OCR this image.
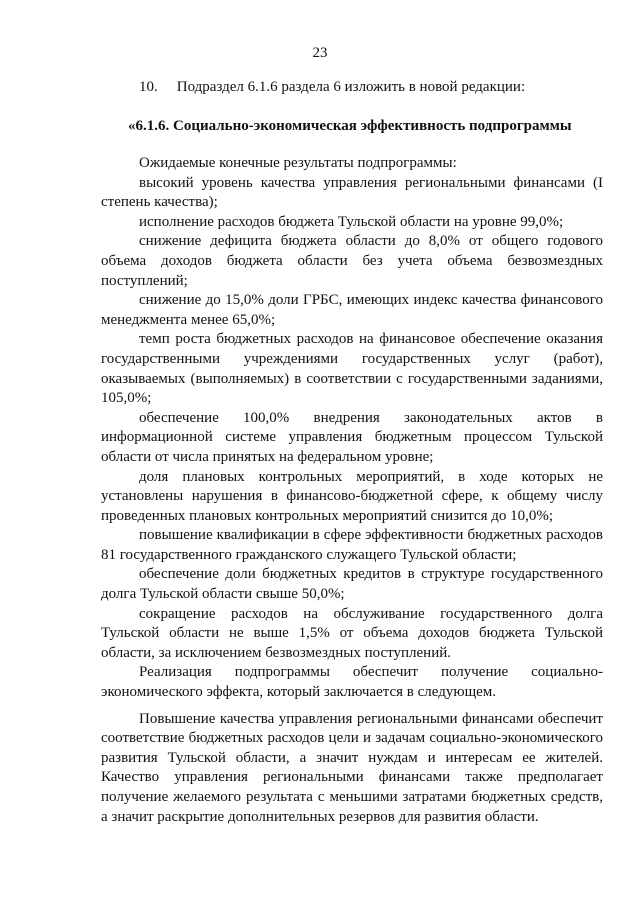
23
10. Подраздел 6.1.6 раздела 6 изложить в новой редакции:
«6.1.6. Социально-экономическая эффективность подпрограммы

Ожидаемые конечные результаты подпрограммы:

высокий уровень качества управления региональными финансами (I степень качества);

исполнение расходов бюджета Тульской области на уровне 99,0%;

снижение дефицита бюджета области до 8,0% от общего годового объема доходов бюджета области без учета объема безвозмездных поступлений;

снижение до 15,0% доли ГРБС, имеющих индекс качества финансового менеджмента менее 65,0%;

темп роста бюджетных расходов на финансовое обеспечение оказания государственными учреждениями государственных услуг (работ), оказываемых (выполняемых) в соответствии с государственными заданиями, 105,0%;

обеспечение 100,0% внедрения законодательных актов в информационной системе управления бюджетным процессом Тульской области от числа принятых на федеральном уровне;

доля плановых контрольных мероприятий, в ходе которых не установлены нарушения в финансово-бюджетной сфере, к общему числу проведенных плановых контрольных мероприятий снизится до 10,0%;

повышение квалификации в сфере эффективности бюджетных расходов 81 государственного гражданского служащего Тульской области;

обеспечение доли бюджетных кредитов в структуре государственного долга Тульской области свыше 50,0%;

сокращение расходов на обслуживание государственного долга Тульской области не выше 1,5% от объема доходов бюджета Тульской области, за исключением безвозмездных поступлений.

Реализация подпрограммы обеспечит получение социально-экономического эффекта, который заключается в следующем.

Повышение качества управления региональными финансами обеспечит соответствие бюджетных расходов цели и задачам социально-экономического развития Тульской области, а значит нуждам и интересам ее жителей. Качество управления региональными финансами также предполагает получение желаемого результата с меньшими затратами бюджетных средств, а значит раскрытие дополнительных резервов для развития области.
